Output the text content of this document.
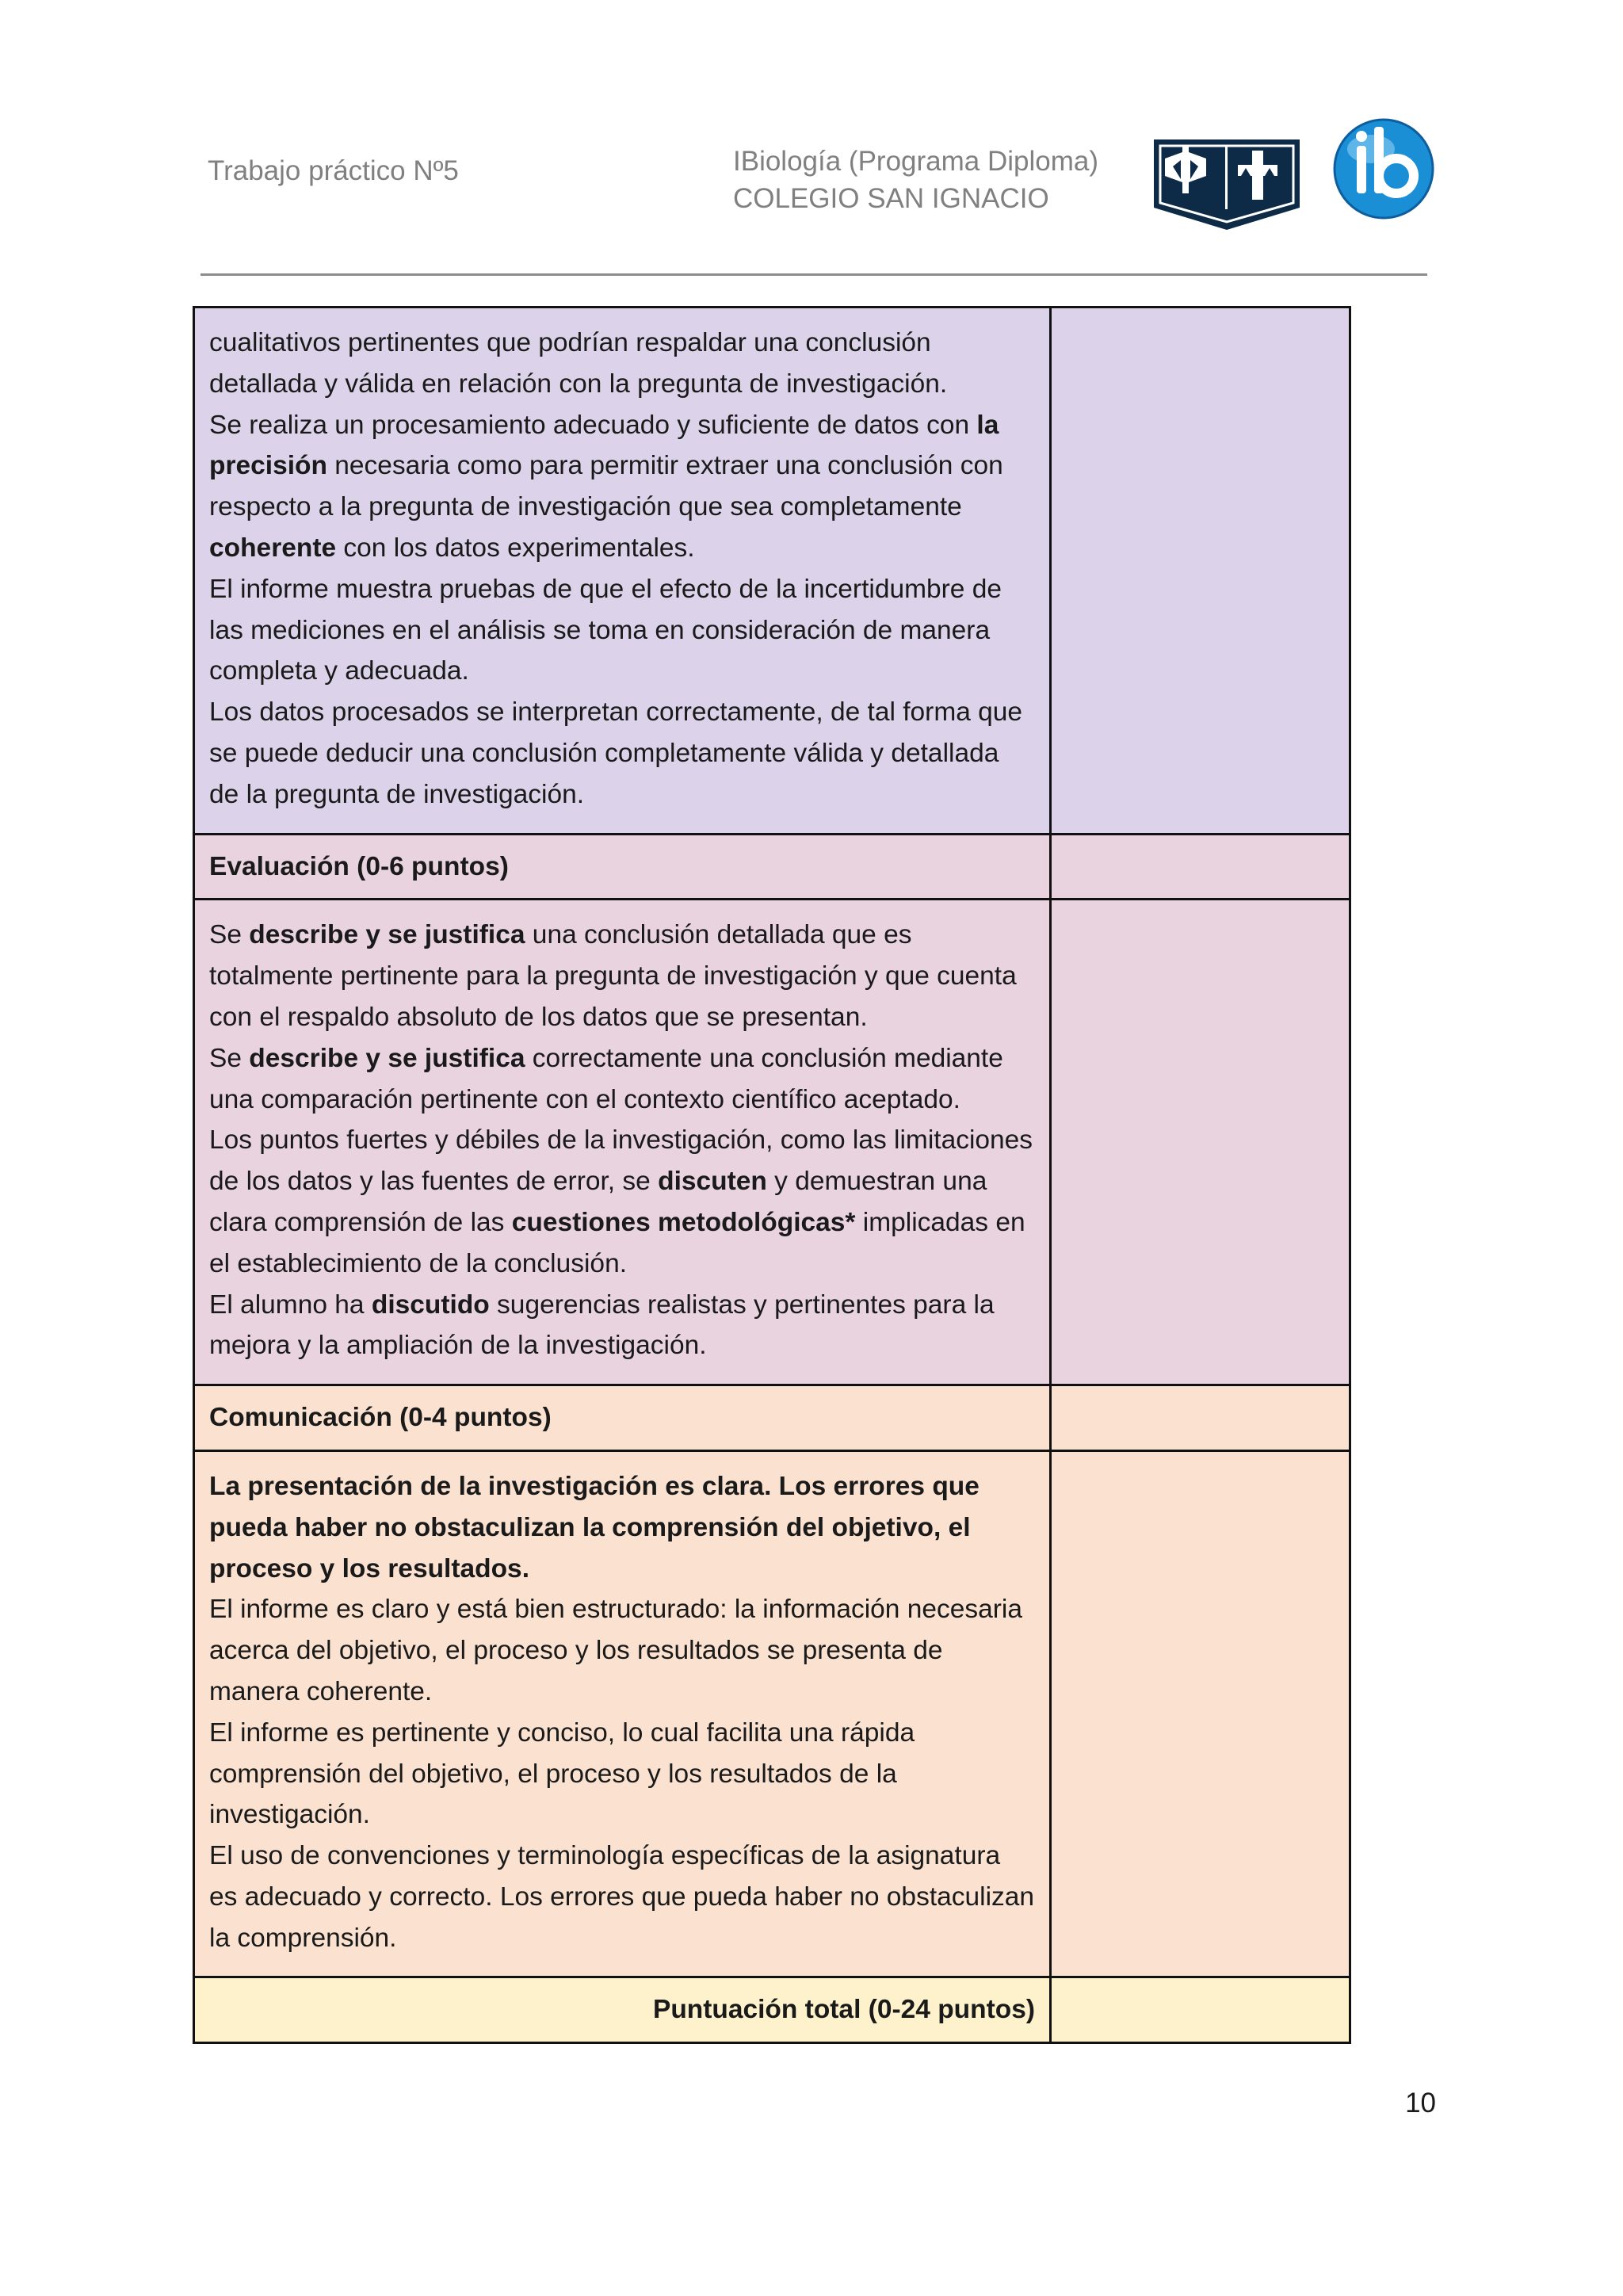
Trabajo práctico Nº5	IBiología (Programa Diploma)
COLEGIO SAN IGNACIO
cualitativos pertinentes que podrían respaldar una conclusión detallada y válida en relación con la pregunta de investigación.
Se realiza un procesamiento adecuado y suficiente de datos con la precisión necesaria como para permitir extraer una conclusión con respecto a la pregunta de investigación que sea completamente coherente con los datos experimentales.
El informe muestra pruebas de que el efecto de la incertidumbre de las mediciones en el análisis se toma en consideración de manera completa y adecuada.
Los datos procesados se interpretan correctamente, de tal forma que se puede deducir una conclusión completamente válida y detallada de la pregunta de investigación.	

Evaluación (0-6 puntos)	

Se describe y se justifica una conclusión detallada que es totalmente pertinente para la pregunta de investigación y que cuenta con el respaldo absoluto de los datos que se presentan.
Se describe y se justifica correctamente una conclusión mediante una comparación pertinente con el contexto científico aceptado.
Los puntos fuertes y débiles de la investigación, como las limitaciones de los datos y las fuentes de error, se discuten y demuestran una clara comprensión de las cuestiones metodológicas* implicadas en el establecimiento de la conclusión.
El alumno ha discutido sugerencias realistas y pertinentes para la mejora y la ampliación de la investigación.	

Comunicación (0-4 puntos)	

La presentación de la investigación es clara. Los errores que pueda haber no obstaculizan la comprensión del objetivo, el proceso y los resultados.
El informe es claro y está bien estructurado: la información necesaria acerca del objetivo, el proceso y los resultados se presenta de manera coherente.
El informe es pertinente y conciso, lo cual facilita una rápida comprensión del objetivo, el proceso y los resultados de la investigación.
El uso de convenciones y terminología específicas de la asignatura es adecuado y correcto. Los errores que pueda haber no obstaculizan la comprensión.	

Puntuación total (0-24 puntos)	
10
